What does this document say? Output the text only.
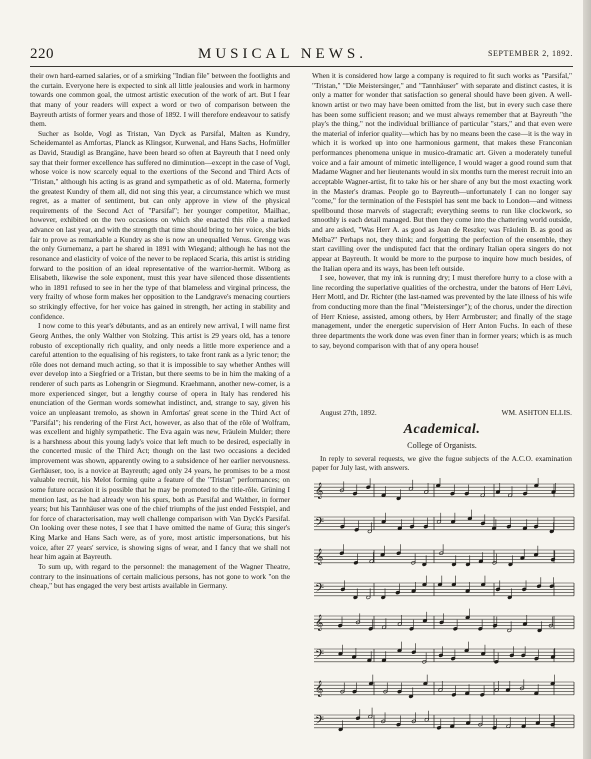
220	MUSICAL NEWS.	SEPTEMBER 2, 1892.

their own hard-earned salaries, or of a smirking "Indian file" between the footlights and the curtain. Everyone here is expected to sink all little jealousies and work in harmony towards one common goal, the utmost artistic execution of the work of art. But I fear that many of your readers will expect a word or two of comparison between the Bayreuth artists of former years and those of 1892. I will therefore endeavour to satisfy them.

Sucher as Isolde, Vogl as Tristan, Van Dyck as Parsifal, Malten as Kundry, Scheidemantel as Amfortas, Planck as Klingsor, Kurwenal, and Hans Sachs, Hofmüller as David, Staudigl as Brangäne, have been heard so often at Bayreuth that I need only say that their former excellence has suffered no diminution—except in the case of Vogl, whose voice is now scarcely equal to the exertions of the Second and Third Acts of "Tristan," although his acting is as grand and sympathetic as of old. Materna, formerly the greatest Kundry of them all, did not sing this year, a circumstance which we must regret, as a matter of sentiment, but can only approve in view of the physical requirements of the Second Act of "Parsifal"; her younger competitor, Mailhac, however, exhibited on the two occasions on which she enacted this rôle a marked advance on last year, and with the strength that time should bring to her voice, she bids fair to prove as remarkable a Kundry as she is now an unequalled Venus. Grengg was the only Gurnemanz, a part he shared in 1891 with Wiegand; although he has not the resonance and elasticity of voice of the never to be replaced Scaria, this artist is striding forward to the position of an ideal representative of the warrior-hermit. Wiborg as Elisabeth, likewise the sole exponent, must this year have silenced those dissentients who in 1891 refused to see in her the type of that blameless and virginal princess, the very frailty of whose form makes her opposition to the Landgrave's menacing courtiers so strikingly effective, for her voice has gained in strength, her acting in stability and confidence.

I now come to this year's débutants, and as an entirely new arrival, I will name first Georg Anthes, the only Walther von Stolzing. This artist is 29 years old, has a tenore robusto of exceptionally rich quality, and only needs a little more experience and a careful attention to the equalising of his registers, to take front rank as a lyric tenor; the rôle does not demand much acting, so that it is impossible to say whether Anthes will ever develop into a Siegfried or a Tristan, but there seems to be in him the making of a renderer of such parts as Lohengrin or Siegmund. Kraehmann, another new-comer, is a more experienced singer, but a lengthy course of opera in Italy has rendered his enunciation of the German words somewhat indistinct, and, strange to say, given his voice an unpleasant tremolo, as shown in Amfortas' great scene in the Third Act of "Parsifal"; his rendering of the First Act, however, as also that of the rôle of Wolfram, was excellent and highly sympathetic. The Eva again was new, Fräulein Mulder; there is a harshness about this young lady's voice that left much to be desired, especially in the concerted music of the Third Act; though on the last two occasions a decided improvement was shown, apparently owing to a subsidence of her earlier nervousness. Gerhäuser, too, is a novice at Bayreuth; aged only 24 years, he promises to be a most valuable recruit, his Melot forming quite a feature of the "Tristan" performances; on some future occasion it is possible that he may be promoted to the title-rôle. Grüning I mention last, as he had already won his spurs, both as Parsifal and Walther, in former years; but his Tannhäuser was one of the chief triumphs of the just ended Festspiel, and for force of characterisation, may well challenge comparison with Van Dyck's Parsifal. On looking over these notes, I see that I have omitted the name of Gura; this singer's King Marke and Hans Sach were, as of yore, most artistic impersonations, but his voice, after 27 years' service, is showing signs of wear, and I fancy that we shall not hear him again at Bayreuth.

To sum up, with regard to the personnel: the management of the Wagner Theatre, contrary to the insinuations of certain malicious persons, has not gone to work "on the cheap," but has engaged the very best artists available in Germany.

When it is considered how large a company is required to fit such works as "Parsifal," "Tristan," "Die Meistersinger," and "Tannhäuser" with separate and distinct castes, it is only a matter for wonder that satisfaction so general should have been given. A well-known artist or two may have been omitted from the list, but in every such case there has been some sufficient reason; and we must always remember that at Bayreuth "the play's the thing," not the individual brilliance of particular "stars," and that even were the material of inferior quality—which has by no means been the case—it is the way in which it is worked up into one harmonious garment, that makes these Franconian performances phenomena unique in musico-dramatic art. Given a moderately tuneful voice and a fair amount of mimetic intelligence, I would wager a good round sum that Madame Wagner and her lieutenants would in six months turn the merest recruit into an acceptable Wagner-artist, fit to take his or her share of any but the most exacting work in the Master's dramas. People go to Bayreuth—unfortunately I can no longer say "come," for the termination of the Festspiel has sent me back to London—and witness spellbound those marvels of stagecraft; everything seems to run like clockwork, so smoothly is each detail managed. But then they come into the chattering world outside, and are asked, "Was Herr A. as good as Jean de Reszke; was Fräulein B. as good as Melba?" Perhaps not, they think; and forgetting the perfection of the ensemble, they start cavilling over the undisputed fact that the ordinary Italian opera singers do not appear at Bayreuth. It would be more to the purpose to inquire how much besides, of the Italian opera and its ways, has been left outside.

I see, however, that my ink is running dry; I must therefore hurry to a close with a line recording the superlative qualities of the orchestra, under the batons of Herr Lévi, Herr Mottl, and Dr. Richter (the last-named was prevented by the late illness of his wife from conducting more than the final "Meistersinger"); of the chorus, under the direction of Herr Kniese, assisted, among others, by Herr Armbruster; and finally of the stage management, under the energetic supervision of Herr Anton Fuchs. In each of these three departments the work done was even finer than in former years; which is as much to say, beyond comparison with that of any opera house!

August 27th, 1892.	WM. ASHTON ELLIS.
Academical.
College of Organists.
In reply to several requests, we give the fugue subjects of the A.C.O. examination paper for July last, with answers.
𝄞
𝄢
𝄞
𝄢
𝄞
𝄢
𝄞
𝄢
